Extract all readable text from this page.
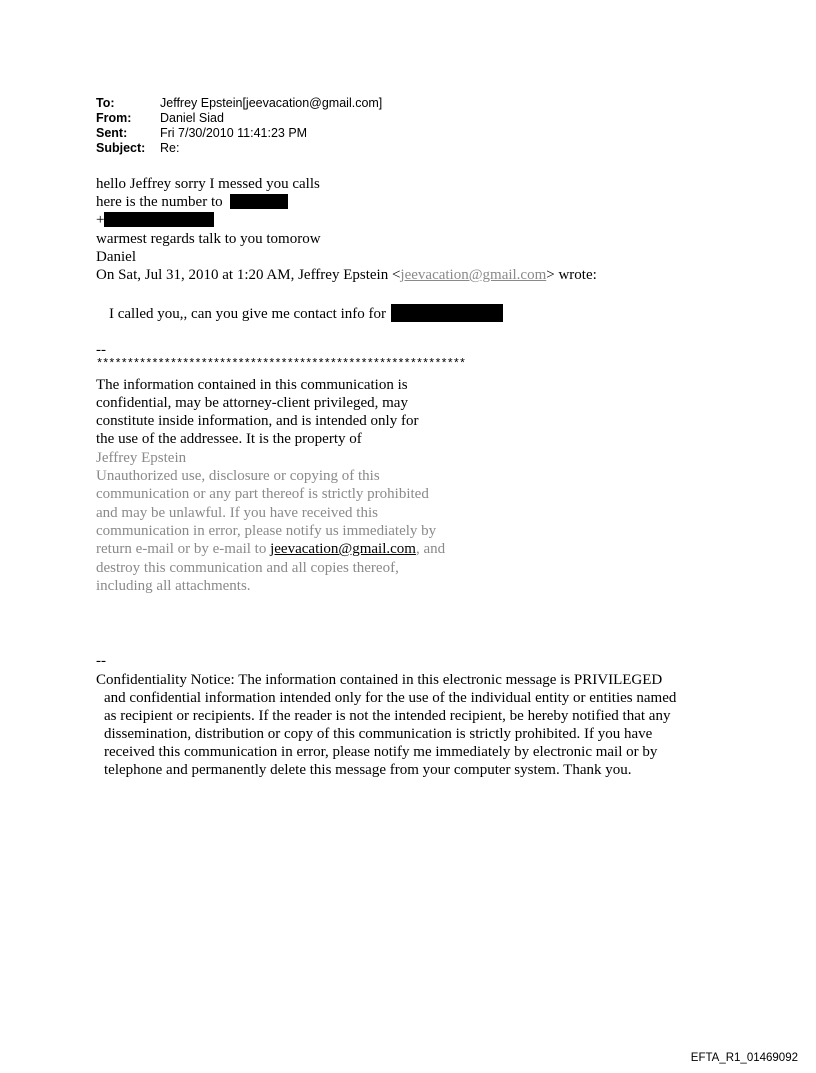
To:	Jeffrey Epstein[jeevacation@gmail.com]
From:	Daniel Siad
Sent:	Fri 7/30/2010 11:41:23 PM
Subject:	Re:
hello Jeffrey sorry I messed you calls
here is the number to
+
warmest regards talk to you tomorow
Daniel
On Sat, Jul 31, 2010 at 1:20 AM, Jeffrey Epstein <jeevacation@gmail.com> wrote:
I called you,, can you give me contact info for
--
************************************************************
The information contained in this communication is
confidential, may be attorney-client privileged, may
constitute inside information, and is intended only for
the use of the addressee. It is the property of
Jeffrey Epstein
Unauthorized use, disclosure or copying of this
communication or any part thereof is strictly prohibited
and may be unlawful. If you have received this
communication in error, please notify us immediately by
return e-mail or by e-mail to jeevacation@gmail.com, and
destroy this communication and all copies thereof,
including all attachments.
--
Confidentiality Notice: The information contained in this electronic message is PRIVILEGED
and confidential information intended only for the use of the individual entity or entities named
as recipient or recipients. If the reader is not the intended recipient, be hereby notified that any
dissemination, distribution or copy of this communication is strictly prohibited. If you have
received this communication in error, please notify me immediately by electronic mail or by
telephone and permanently delete this message from your computer system. Thank you.
EFTA_R1_01469092
